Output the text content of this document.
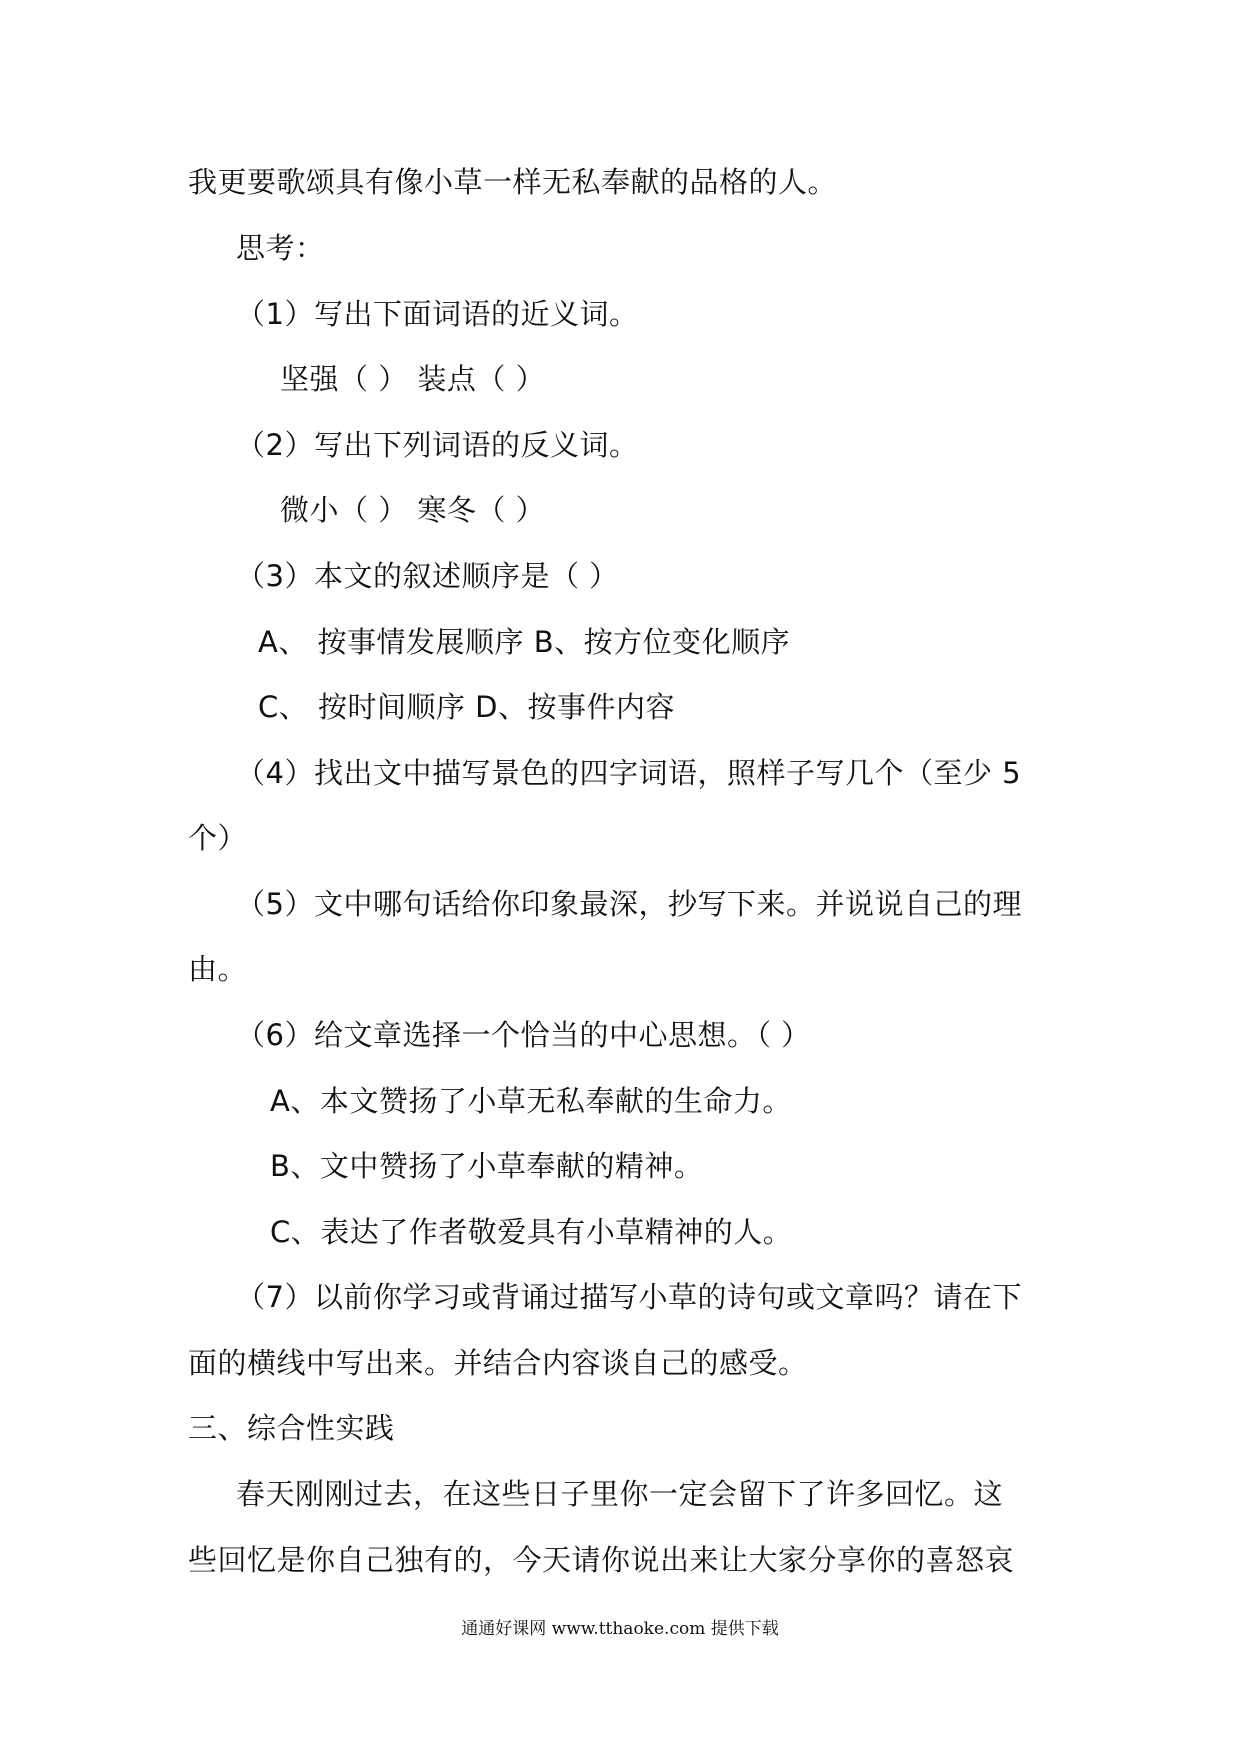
我更要歌颂具有像小草一样无私奉献的品格的人。
思考：
（1）写出下面词语的近义词。
坚强（ ） 装点（ ）
（2）写出下列词语的反义词。
微小（ ） 寒冬（ ）
（3）本文的叙述顺序是（ ）
A、 按事情发展顺序 B、按方位变化顺序
C、 按时间顺序 D、按事件内容
（4）找出文中描写景色的四字词语，照样子写几个（至少 5
个）
（5）文中哪句话给你印象最深，抄写下来。并说说自己的理
由。
（6）给文章选择一个恰当的中心思想。（ ）
A、本文赞扬了小草无私奉献的生命力。
B、文中赞扬了小草奉献的精神。
C、表达了作者敬爱具有小草精神的人。
（7）以前你学习或背诵过描写小草的诗句或文章吗？请在下
面的横线中写出来。并结合内容谈自己的感受。
三、综合性实践
春天刚刚过去，在这些日子里你一定会留下了许多回忆。这
些回忆是你自己独有的，今天请你说出来让大家分享你的喜怒哀
通通好课网 www.tthaoke.com 提供下载
